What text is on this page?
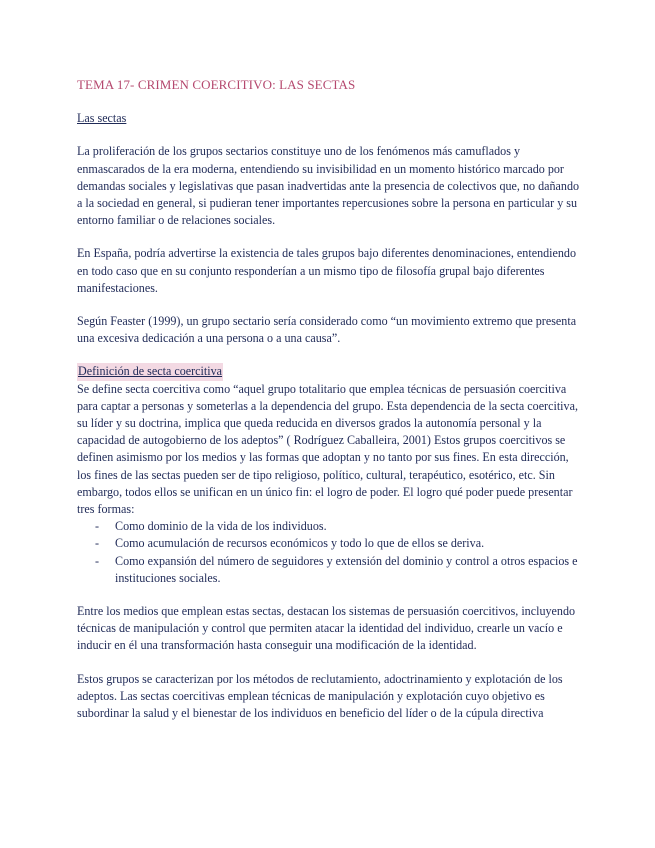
TEMA 17- CRIMEN COERCITIVO: LAS SECTAS
Las sectas

La proliferación de los grupos sectarios constituye uno de los fenómenos más camuflados y enmascarados de la era moderna, entendiendo su invisibilidad en un momento histórico marcado por demandas sociales y legislativas que pasan inadvertidas ante la presencia de colectivos que, no dañando a la sociedad en general, si pudieran tener importantes repercusiones sobre la persona en particular y su entorno familiar o de relaciones sociales.

En España, podría advertirse la existencia de tales grupos bajo diferentes denominaciones, entendiendo en todo caso que en su conjunto responderían a un mismo tipo de filosofía grupal bajo diferentes manifestaciones.

Según Feaster (1999), un grupo sectario sería considerado como “un movimiento extremo que presenta una excesiva dedicación a una persona o a una causa”.

Definición de secta coercitiva

Se define secta coercitiva como “aquel grupo totalitario que emplea técnicas de persuasión coercitiva para captar a personas y someterlas a la dependencia del grupo. Esta dependencia de la secta coercitiva, su líder y su doctrina, implica que queda reducida en diversos grados la autonomía personal y la capacidad de autogobierno de los adeptos” ( Rodríguez Caballeira, 2001) Estos grupos coercitivos se definen asimismo por los medios y las formas que adoptan y no tanto por sus fines. En esta dirección, los fines de las sectas pueden ser de tipo religioso, político, cultural, terapéutico, esotérico, etc. Sin embargo, todos ellos se unifican en un único fin: el logro de poder. El logro qué poder puede presentar tres formas:

- Como dominio de la vida de los individuos.
- Como acumulación de recursos económicos y todo lo que de ellos se deriva.
- Como expansión del número de seguidores y extensión del dominio y control a otros espacios e instituciones sociales.

Entre los medios que emplean estas sectas, destacan los sistemas de persuasión coercitivos, incluyendo técnicas de manipulación y control que permiten atacar la identidad del individuo, crearle un vacío e inducir en él una transformación hasta conseguir una modificación de la identidad.

Estos grupos se caracterizan por los métodos de reclutamiento, adoctrinamiento y explotación de los adeptos. Las sectas coercitivas emplean técnicas de manipulación y explotación cuyo objetivo es subordinar la salud y el bienestar de los individuos en beneficio del líder o de la cúpula directiva
